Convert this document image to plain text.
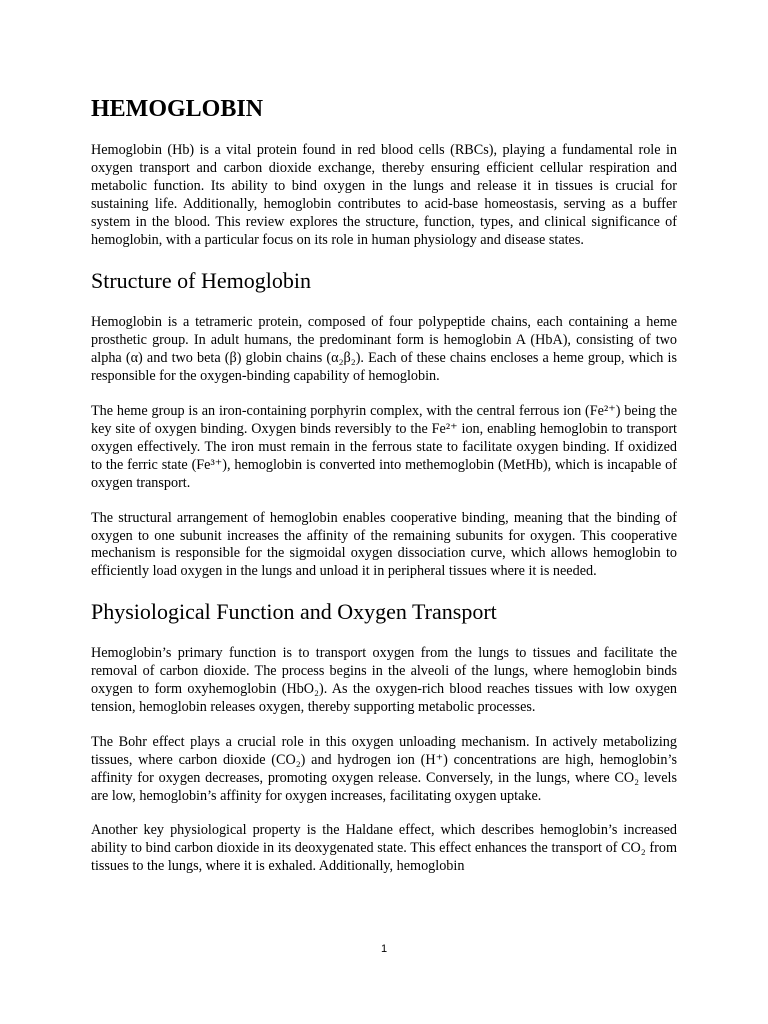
HEMOGLOBIN

Hemoglobin (Hb) is a vital protein found in red blood cells (RBCs), playing a fundamental role in oxygen transport and carbon dioxide exchange, thereby ensuring efficient cellular respiration and metabolic function. Its ability to bind oxygen in the lungs and release it in tissues is crucial for sustaining life. Additionally, hemoglobin contributes to acid-base homeostasis, serving as a buffer system in the blood. This review explores the structure, function, types, and clinical significance of hemoglobin, with a particular focus on its role in human physiology and disease states.

Structure of Hemoglobin

Hemoglobin is a tetrameric protein, composed of four polypeptide chains, each containing a heme prosthetic group. In adult humans, the predominant form is hemoglobin A (HbA), consisting of two alpha (α) and two beta (β) globin chains (α₂β₂). Each of these chains encloses a heme group, which is responsible for the oxygen-binding capability of hemoglobin.

The heme group is an iron-containing porphyrin complex, with the central ferrous ion (Fe²⁺) being the key site of oxygen binding. Oxygen binds reversibly to the Fe²⁺ ion, enabling hemoglobin to transport oxygen effectively. The iron must remain in the ferrous state to facilitate oxygen binding. If oxidized to the ferric state (Fe³⁺), hemoglobin is converted into methemoglobin (MetHb), which is incapable of oxygen transport.

The structural arrangement of hemoglobin enables cooperative binding, meaning that the binding of oxygen to one subunit increases the affinity of the remaining subunits for oxygen. This cooperative mechanism is responsible for the sigmoidal oxygen dissociation curve, which allows hemoglobin to efficiently load oxygen in the lungs and unload it in peripheral tissues where it is needed.

Physiological Function and Oxygen Transport

Hemoglobin’s primary function is to transport oxygen from the lungs to tissues and facilitate the removal of carbon dioxide. The process begins in the alveoli of the lungs, where hemoglobin binds oxygen to form oxyhemoglobin (HbO₂). As the oxygen-rich blood reaches tissues with low oxygen tension, hemoglobin releases oxygen, thereby supporting metabolic processes.

The Bohr effect plays a crucial role in this oxygen unloading mechanism. In actively metabolizing tissues, where carbon dioxide (CO₂) and hydrogen ion (H⁺) concentrations are high, hemoglobin’s affinity for oxygen decreases, promoting oxygen release. Conversely, in the lungs, where CO₂ levels are low, hemoglobin’s affinity for oxygen increases, facilitating oxygen uptake.

Another key physiological property is the Haldane effect, which describes hemoglobin’s increased ability to bind carbon dioxide in its deoxygenated state. This effect enhances the transport of CO₂ from tissues to the lungs, where it is exhaled. Additionally, hemoglobin

1
